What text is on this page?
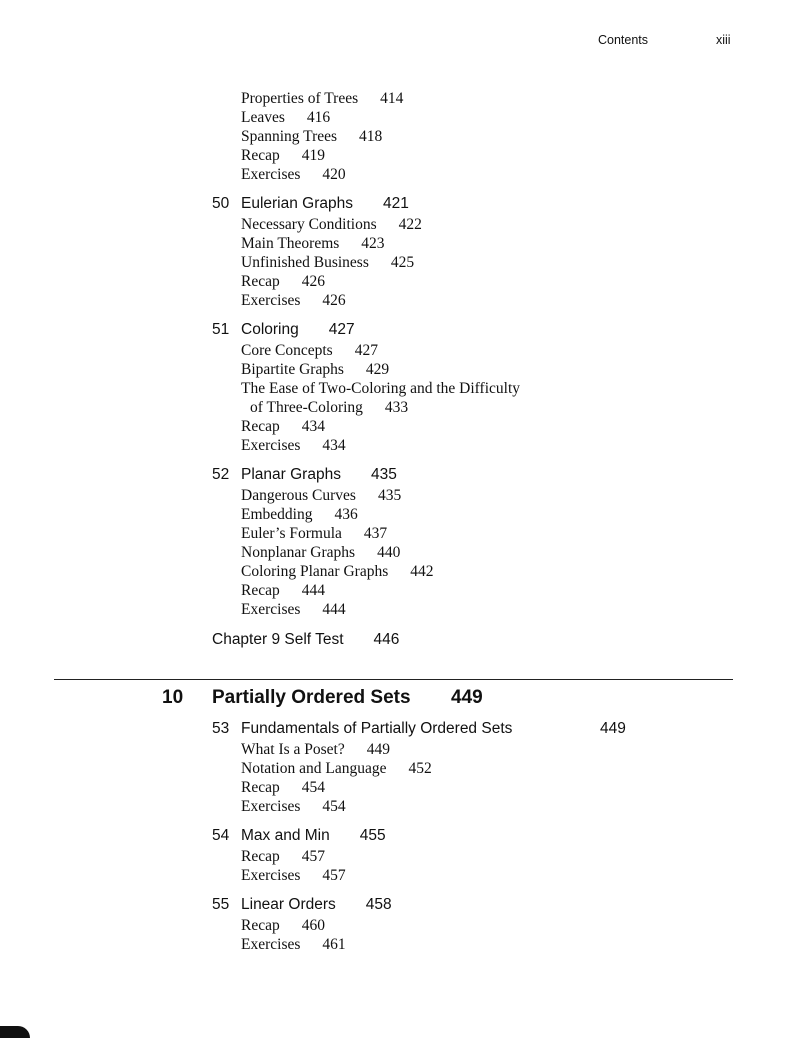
Contents	xiii
Properties of Trees 414
Leaves 416
Spanning Trees 418
Recap 419
Exercises 420
50 Eulerian Graphs 421
Necessary Conditions 422
Main Theorems 423
Unfinished Business 425
Recap 426
Exercises 426
51 Coloring 427
Core Concepts 427
Bipartite Graphs 429
The Ease of Two-Coloring and the Difficulty
of Three-Coloring 433
Recap 434
Exercises 434
52 Planar Graphs 435
Dangerous Curves 435
Embedding 436
Euler’s Formula 437
Nonplanar Graphs 440
Coloring Planar Graphs 442
Recap 444
Exercises 444
Chapter 9 Self Test 446
10 Partially Ordered Sets 449
53 Fundamentals of Partially Ordered Sets	449
What Is a Poset? 449
Notation and Language 452
Recap 454
Exercises 454
54 Max and Min 455
Recap 457
Exercises 457
55 Linear Orders 458
Recap 460
Exercises 461
